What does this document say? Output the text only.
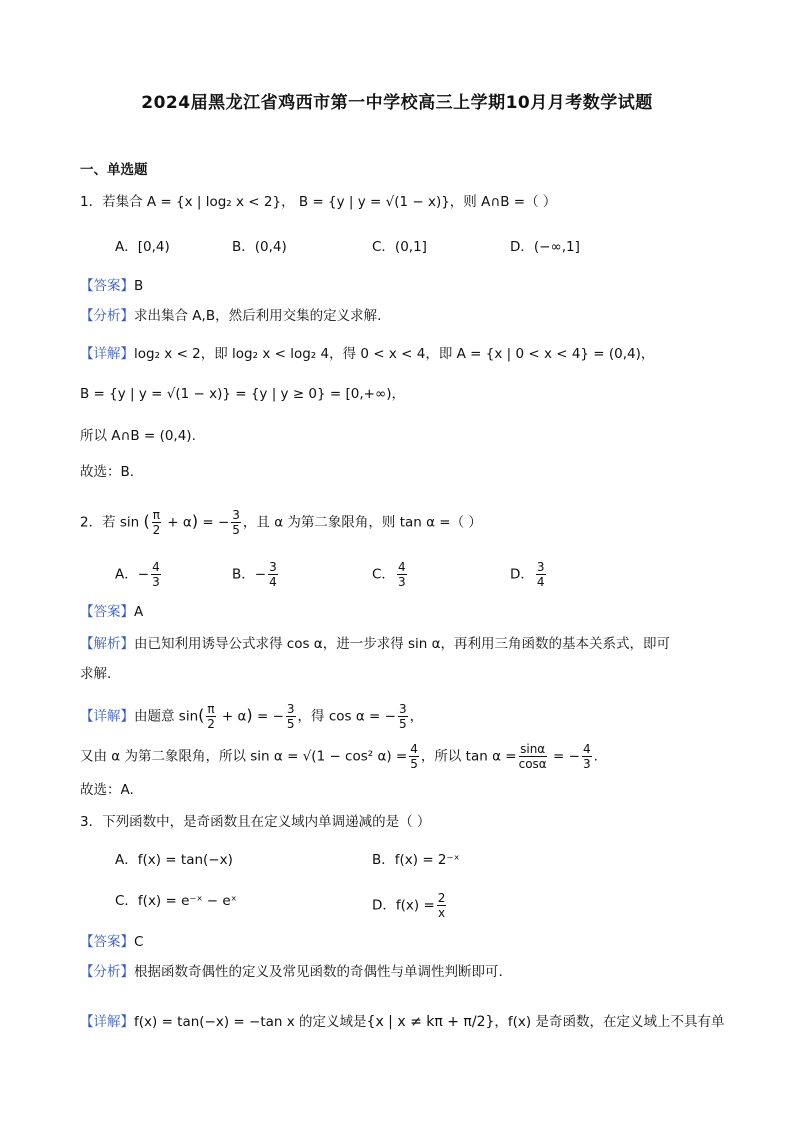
2024届黑龙江省鸡西市第一中学校高三上学期10月月考数学试题
一、单选题
1．若集合 A = {x | log₂ x < 2}， B = {y | y = √(1 − x)}，则 A∩B =（ ）
A．[0,4)	B．(0,4)	C．(0,1]	D．(−∞,1]
【答案】B
【分析】求出集合 A,B，然后利用交集的定义求解.
【详解】log₂ x < 2，即 log₂ x < log₂ 4，得 0 < x < 4，即 A = {x | 0 < x < 4} = (0,4)，
B = {y | y = √(1 − x)} = {y | y ≥ 0} = [0,+∞)，
所以 A∩B = (0,4).
故选：B.
2．若 sin ( $\frac{\pi}{2} + \alpha$) = − $\frac{3}{5}$ ，且 α 为第二象限角，则 tan α =（ ）
A．− $\frac{4}{3}$	B．− $\frac{3}{4}$	C． $\frac{4}{3}$	D． $\frac{3}{4}$
【答案】A
【解析】由已知利用诱导公式求得 cos α，进一步求得 sin α，再利用三角函数的基本关系式，即可
求解.
【详解】由题意 $\sin( \frac{\pi}{2} + \alpha)$ = − $\frac{3}{5}$ ，得 cos α = − $\frac{3}{5}$ ，
又由 α 为第二象限角，所以 sin α = √(1 − cos² $\alpha) = \frac{4}{5}$ ，所以 $\tan \alpha = \frac{\sin\alpha}{\cos\alpha}$ = − $\frac{4}{3}$ .
故选：A.
3．下列函数中，是奇函数且在定义域内单调递减的是（ ）
A．f(x) = tan(−x)	B．f(x) = 2⁻ˣ
C．f(x) = e⁻ˣ − eˣ	D．$f(x) = \frac{2}{x}$
【答案】C
【分析】根据函数奇偶性的定义及常见函数的奇偶性与单调性判断即可.
【详解】f(x) = tan(−x) = −tan x 的定义域是{x | x ≠ kπ + π/2}，f(x) 是奇函数，在定义域上不具有单
